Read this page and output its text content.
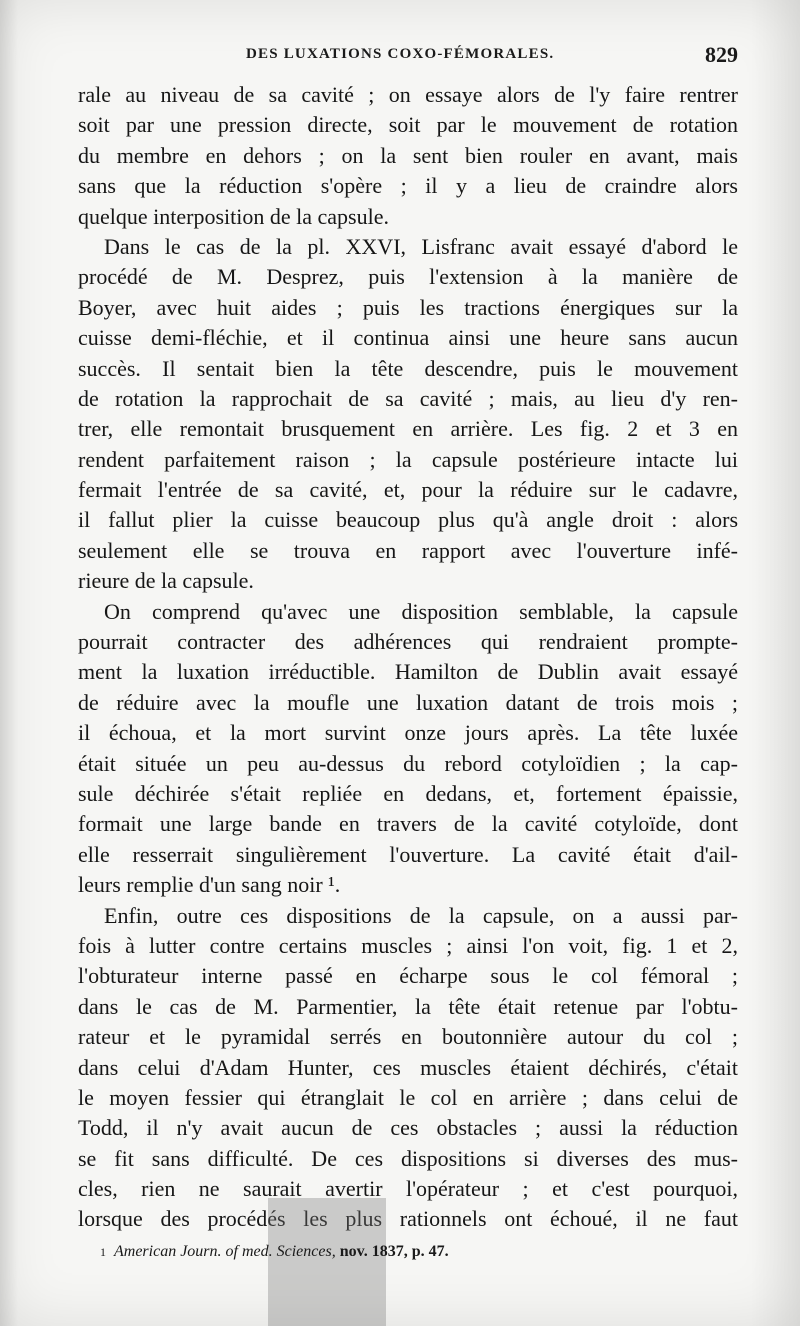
DES LUXATIONS COXO-FÉMORALES.	829
rale au niveau de sa cavité ; on essaye alors de l'y faire rentrer
soit par une pression directe, soit par le mouvement de rotation
du membre en dehors ; on la sent bien rouler en avant, mais
sans que la réduction s'opère ; il y a lieu de craindre alors
quelque interposition de la capsule.
Dans le cas de la pl. XXVI, Lisfranc avait essayé d'abord le
procédé de M. Desprez, puis l'extension à la manière de
Boyer, avec huit aides ; puis les tractions énergiques sur la
cuisse demi-fléchie, et il continua ainsi une heure sans aucun
succès. Il sentait bien la tête descendre, puis le mouvement
de rotation la rapprochait de sa cavité ; mais, au lieu d'y ren-
trer, elle remontait brusquement en arrière. Les fig. 2 et 3 en
rendent parfaitement raison ; la capsule postérieure intacte lui
fermait l'entrée de sa cavité, et, pour la réduire sur le cadavre,
il fallut plier la cuisse beaucoup plus qu'à angle droit : alors
seulement elle se trouva en rapport avec l'ouverture infé-
rieure de la capsule.
On comprend qu'avec une disposition semblable, la capsule
pourrait contracter des adhérences qui rendraient prompte-
ment la luxation irréductible. Hamilton de Dublin avait essayé
de réduire avec la moufle une luxation datant de trois mois ;
il échoua, et la mort survint onze jours après. La tête luxée
était située un peu au-dessus du rebord cotyloïdien ; la cap-
sule déchirée s'était repliée en dedans, et, fortement épaissie,
formait une large bande en travers de la cavité cotyloïde, dont
elle resserrait singulièrement l'ouverture. La cavité était d'ail-
leurs remplie d'un sang noir ¹.
Enfin, outre ces dispositions de la capsule, on a aussi par-
fois à lutter contre certains muscles ; ainsi l'on voit, fig. 1 et 2,
l'obturateur interne passé en écharpe sous le col fémoral ;
dans le cas de M. Parmentier, la tête était retenue par l'obtu-
rateur et le pyramidal serrés en boutonnière autour du col ;
dans celui d'Adam Hunter, ces muscles étaient déchirés, c'était
le moyen fessier qui étranglait le col en arrière ; dans celui de
Todd, il n'y avait aucun de ces obstacles ; aussi la réduction
se fit sans difficulté. De ces dispositions si diverses des mus-
cles, rien ne saurait avertir l'opérateur ; et c'est pourquoi,
lorsque des procédés les plus rationnels ont échoué, il ne faut
1 American Journ. of med. Sciences, nov. 1837, p. 47.
